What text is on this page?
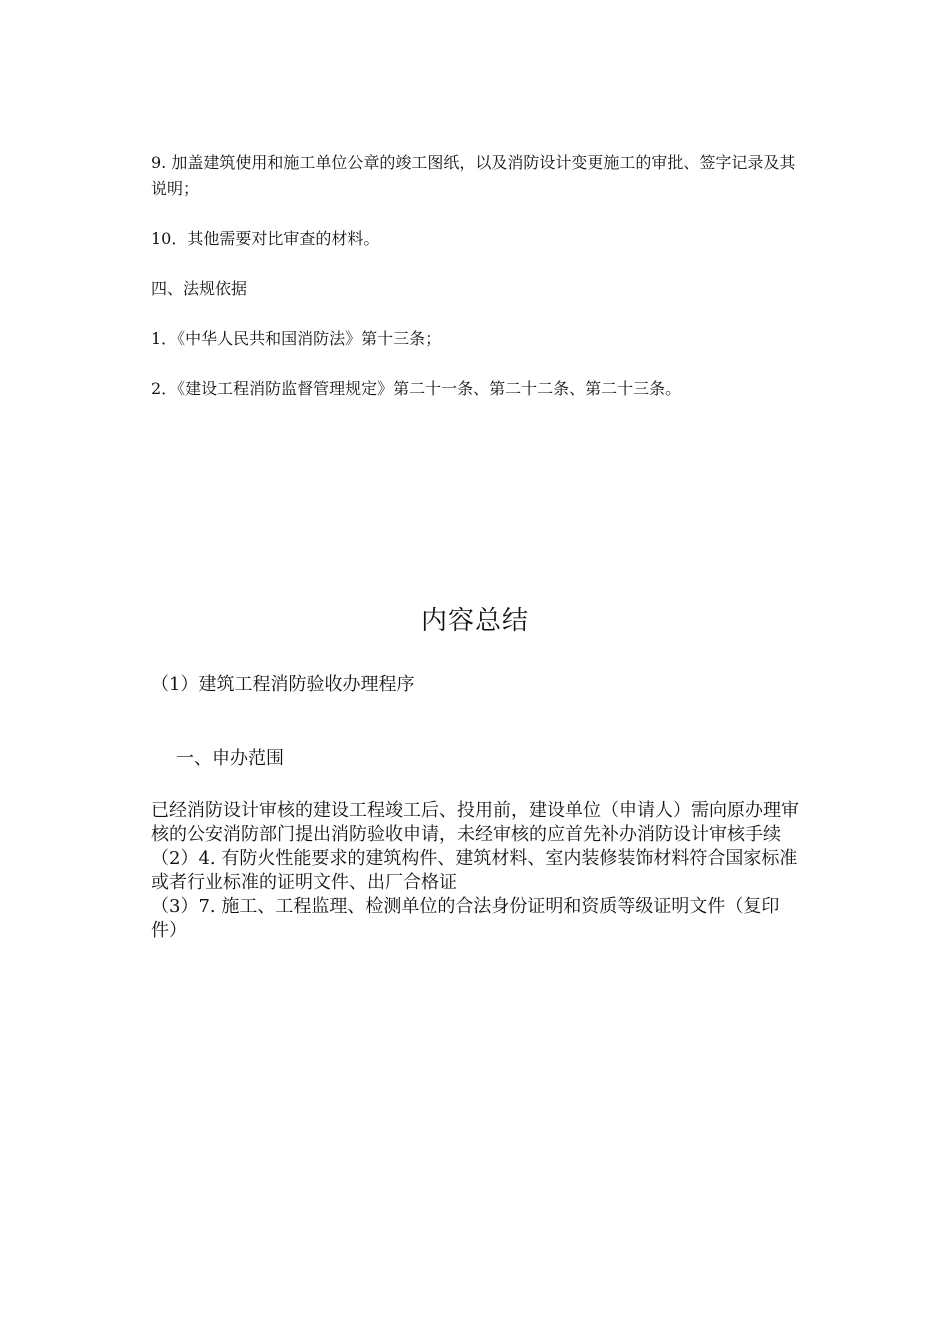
9. 加盖建筑使用和施工单位公章的竣工图纸，以及消防设计变更施工的审批、签字记录及其说明；

10．其他需要对比审查的材料。

四、法规依据

1．《中华人民共和国消防法》第十三条；

2．《建设工程消防监督管理规定》第二十一条、第二十二条、第二十三条。

内容总结

（1）建筑工程消防验收办理程序

一、申办范围

已经消防设计审核的建设工程竣工后、投用前，建设单位（申请人）需向原办理审核的公安消防部门提出消防验收申请，未经审核的应首先补办消防设计审核手续

（2）4. 有防火性能要求的建筑构件、建筑材料、室内装修装饰材料符合国家标准或者行业标准的证明文件、出厂合格证

（3）7. 施工、工程监理、检测单位的合法身份证明和资质等级证明文件（复印件）
